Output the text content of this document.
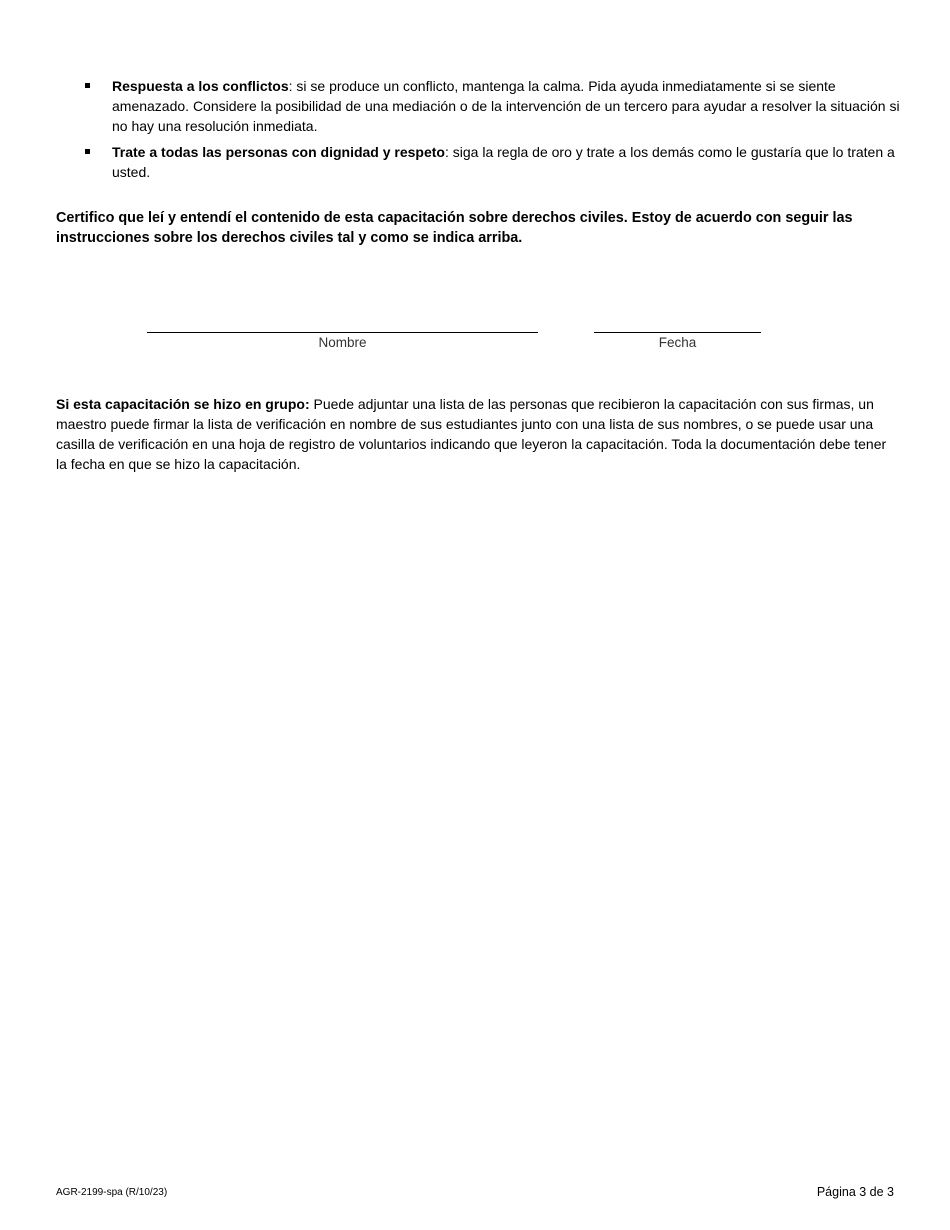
Respuesta a los conflictos: si se produce un conflicto, mantenga la calma. Pida ayuda inmediatamente si se siente amenazado. Considere la posibilidad de una mediación o de la intervención de un tercero para ayudar a resolver la situación si no hay una resolución inmediata.
Trate a todas las personas con dignidad y respeto: siga la regla de oro y trate a los demás como le gustaría que lo traten a usted.

Certifico que leí y entendí el contenido de esta capacitación sobre derechos civiles. Estoy de acuerdo con seguir las instrucciones sobre los derechos civiles tal y como se indica arriba.

Nombre	Fecha

Si esta capacitación se hizo en grupo: Puede adjuntar una lista de las personas que recibieron la capacitación con sus firmas, un maestro puede firmar la lista de verificación en nombre de sus estudiantes junto con una lista de sus nombres, o se puede usar una casilla de verificación en una hoja de registro de voluntarios indicando que leyeron la capacitación. Toda la documentación debe tener la fecha en que se hizo la capacitación.

AGR-2199-spa (R/10/23)	Página 3 de 3
